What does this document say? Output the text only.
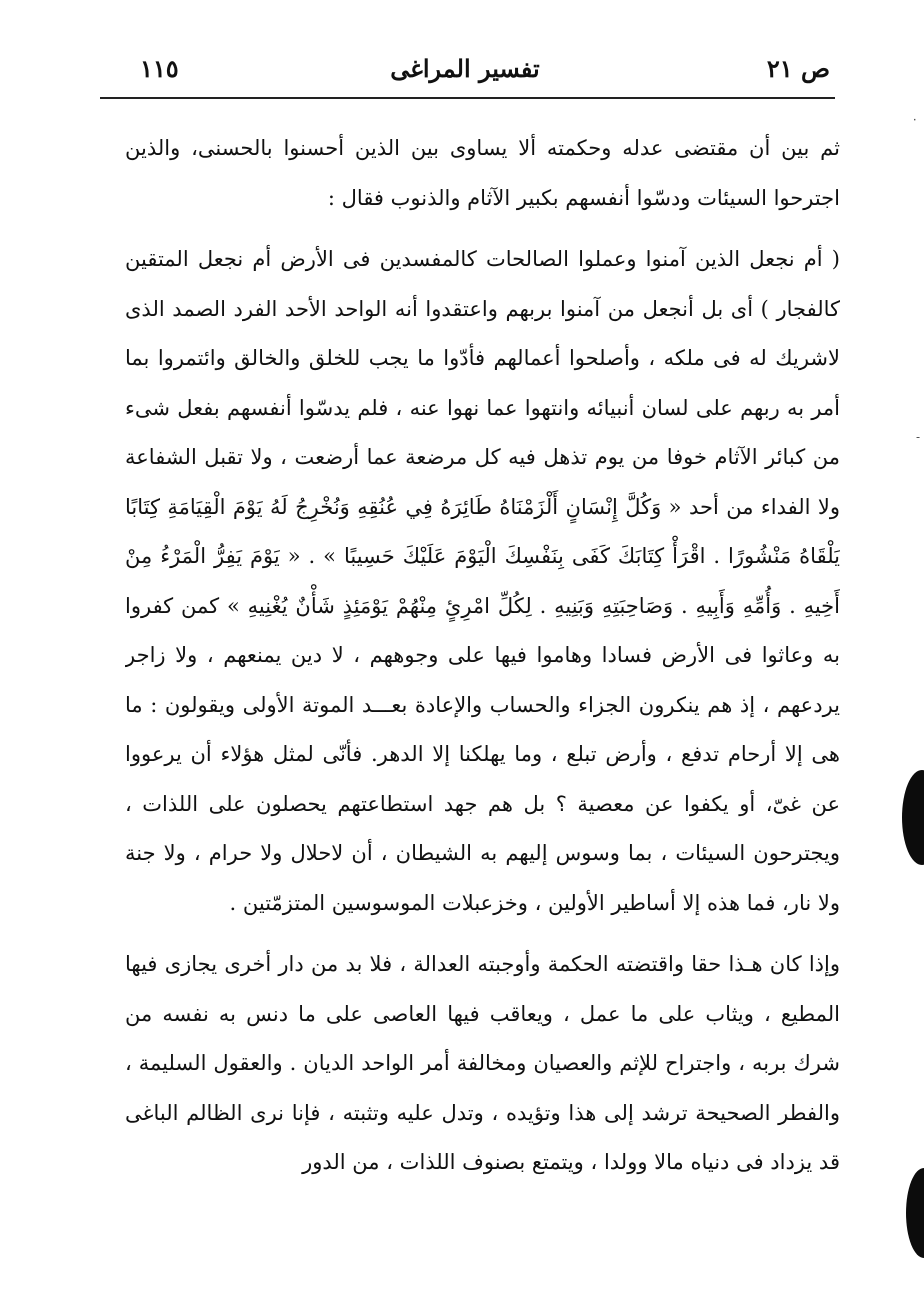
ص ٢١
تفسير المراغى
١١٥

ثم بين أن مقتضى عدله وحكمته ألا يساوى بين الذين أحسنوا بالحسنى، والذين اجترحوا السيئات ودسّوا أنفسهم بكبير الآثام والذنوب فقال :

( أم نجعل الذين آمنوا وعملوا الصالحات كالمفسدين فى الأرض أم نجعل المتقين كالفجار ) أى بل أنجعل من آمنوا بربهم واعتقدوا أنه الواحد الأحد الفرد الصمد الذى لاشريك له فى ملكه ، وأصلحوا أعمالهم فأدّوا ما يجب للخلق والخالق وائتمروا بما أمر به ربهم على لسان أنبيائه وانتهوا عما نهوا عنه ، فلم يدسّوا أنفسهم بفعل شىء من كبائر الآثام خوفا من يوم تذهل فيه كل مرضعة عما أرضعت ، ولا تقبل الشفاعة ولا الفداء من أحد « وَكُلَّ إِنْسَانٍ أَلْزَمْنَاهُ طَائِرَهُ فِي عُنُقِهِ وَنُخْرِجُ لَهُ يَوْمَ الْقِيَامَةِ كِتَابًا يَلْقَاهُ مَنْشُورًا . اقْرَأْ كِتَابَكَ كَفَى بِنَفْسِكَ الْيَوْمَ عَلَيْكَ حَسِيبًا » . « يَوْمَ يَفِرُّ الْمَرْءُ مِنْ أَخِيهِ . وَأُمِّهِ وَأَبِيهِ . وَصَاحِبَتِهِ وَبَنِيهِ . لِكُلِّ امْرِئٍ مِنْهُمْ يَوْمَئِذٍ شَأْنٌ يُغْنِيهِ » كمن كفروا به وعاثوا فى الأرض فسادا وهاموا فيها على وجوههم ، لا دين يمنعهم ، ولا زاجر يردعهم ، إذ هم ينكرون الجزاء والحساب والإعادة بعـــد الموتة الأولى ويقولون : ما هى إلا أرحام تدفع ، وأرض تبلع ، وما يهلكنا إلا الدهر. فأنّى لمثل هؤلاء أن يرعووا عن غىّ، أو يكفوا عن معصية ؟ بل هم جهد استطاعتهم يحصلون على اللذات ، ويجترحون السيئات ، بما وسوس إليهم به الشيطان ، أن لاحلال ولا حرام ، ولا جنة ولا نار، فما هذه إلا أساطير الأولين ، وخزعبلات الموسوسين المتزمّتين .

وإذا كان هـذا حقا واقتضته الحكمة وأوجبته العدالة ، فلا بد من دار أخرى يجازى فيها المطيع ، ويثاب على ما عمل ، ويعاقب فيها العاصى على ما دنس به نفسه من شرك بربه ، واجتراح للإثم والعصيان ومخالفة أمر الواحد الديان . والعقول السليمة ، والفطر الصحيحة ترشد إلى هذا وتؤيده ، وتدل عليه وتثبته ، فإنا نرى الظالم الباغى قد يزداد فى دنياه مالا وولدا ، ويتمتع بصنوف اللذات ، من الدور

٠
-
